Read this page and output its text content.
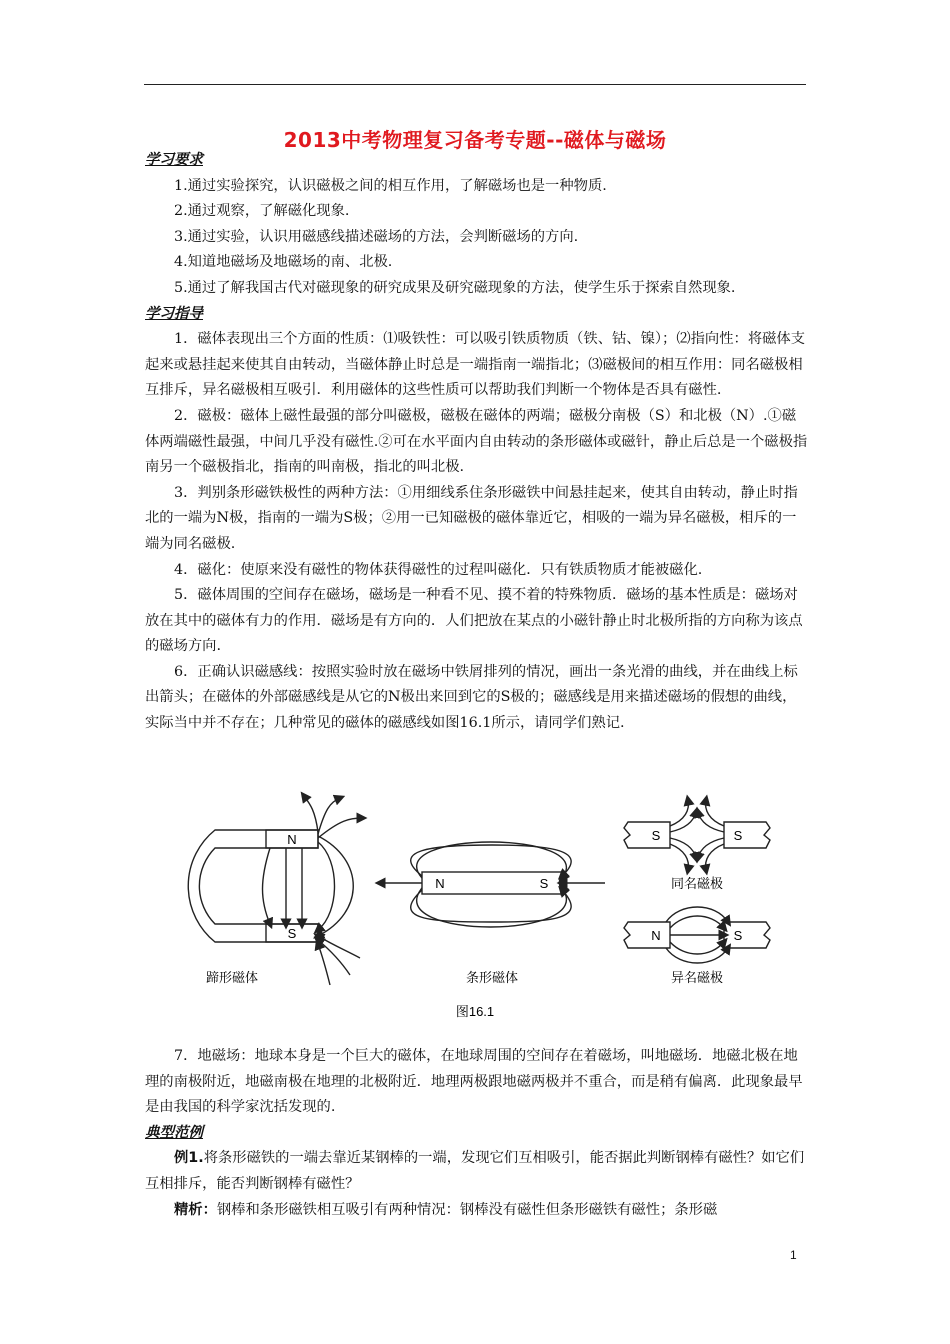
2013中考物理复习备考专题--磁体与磁场
学习要求

1.通过实验探究，认识磁极之间的相互作用，了解磁场也是一种物质.

2.通过观察，了解磁化现象.

3.通过实验，认识用磁感线描述磁场的方法，会判断磁场的方向.

4.知道地磁场及地磁场的南、北极.

5.通过了解我国古代对磁现象的研究成果及研究磁现象的方法，使学生乐于探索自然现象.

学习指导

1．磁体表现出三个方面的性质：⑴吸铁性：可以吸引铁质物质（铁、钴、镍）；⑵指向性：将磁体支起来或悬挂起来使其自由转动，当磁体静止时总是一端指南一端指北；⑶磁极间的相互作用：同名磁极相互排斥，异名磁极相互吸引．利用磁体的这些性质可以帮助我们判断一个物体是否具有磁性.

2．磁极：磁体上磁性最强的部分叫磁极，磁极在磁体的两端；磁极分南极（S）和北极（N）.①磁体两端磁性最强，中间几乎没有磁性.②可在水平面内自由转动的条形磁体或磁针，静止后总是一个磁极指南另一个磁极指北，指南的叫南极，指北的叫北极.

3．判别条形磁铁极性的两种方法：①用细线系住条形磁铁中间悬挂起来，使其自由转动，静止时指北的一端为N极，指南的一端为S极；②用一已知磁极的磁体靠近它，相吸的一端为异名磁极，相斥的一端为同名磁极.

4．磁化：使原来没有磁性的物体获得磁性的过程叫磁化．只有铁质物质才能被磁化.

5．磁体周围的空间存在磁场，磁场是一种看不见、摸不着的特殊物质．磁场的基本性质是：磁场对放在其中的磁体有力的作用．磁场是有方向的．人们把放在某点的小磁针静止时北极所指的方向称为该点的磁场方向.

6．正确认识磁感线：按照实验时放在磁场中铁屑排列的情况，画出一条光滑的曲线，并在曲线上标出箭头；在磁体的外部磁感线是从它的N极出来回到它的S极的；磁感线是用来描述磁场的假想的曲线，实际当中并不存在；几种常见的磁体的磁感线如图16.1所示，请同学们熟记.

N
S
N	S
S	S
N	S
蹄形磁体	条形磁体
同名磁极
异名磁极
图16.1

7．地磁场：地球本身是一个巨大的磁体，在地球周围的空间存在着磁场，叫地磁场．地磁北极在地理的南极附近，地磁南极在地理的北极附近．地理两极跟地磁两极并不重合，而是稍有偏离．此现象最早是由我国的科学家沈括发现的.

典型范例

例1.将条形磁铁的一端去靠近某钢棒的一端，发现它们互相吸引，能否据此判断钢棒有磁性？如它们互相排斥，能否判断钢棒有磁性？

精析：钢棒和条形磁铁相互吸引有两种情况：钢棒没有磁性但条形磁铁有磁性；条形磁

1
